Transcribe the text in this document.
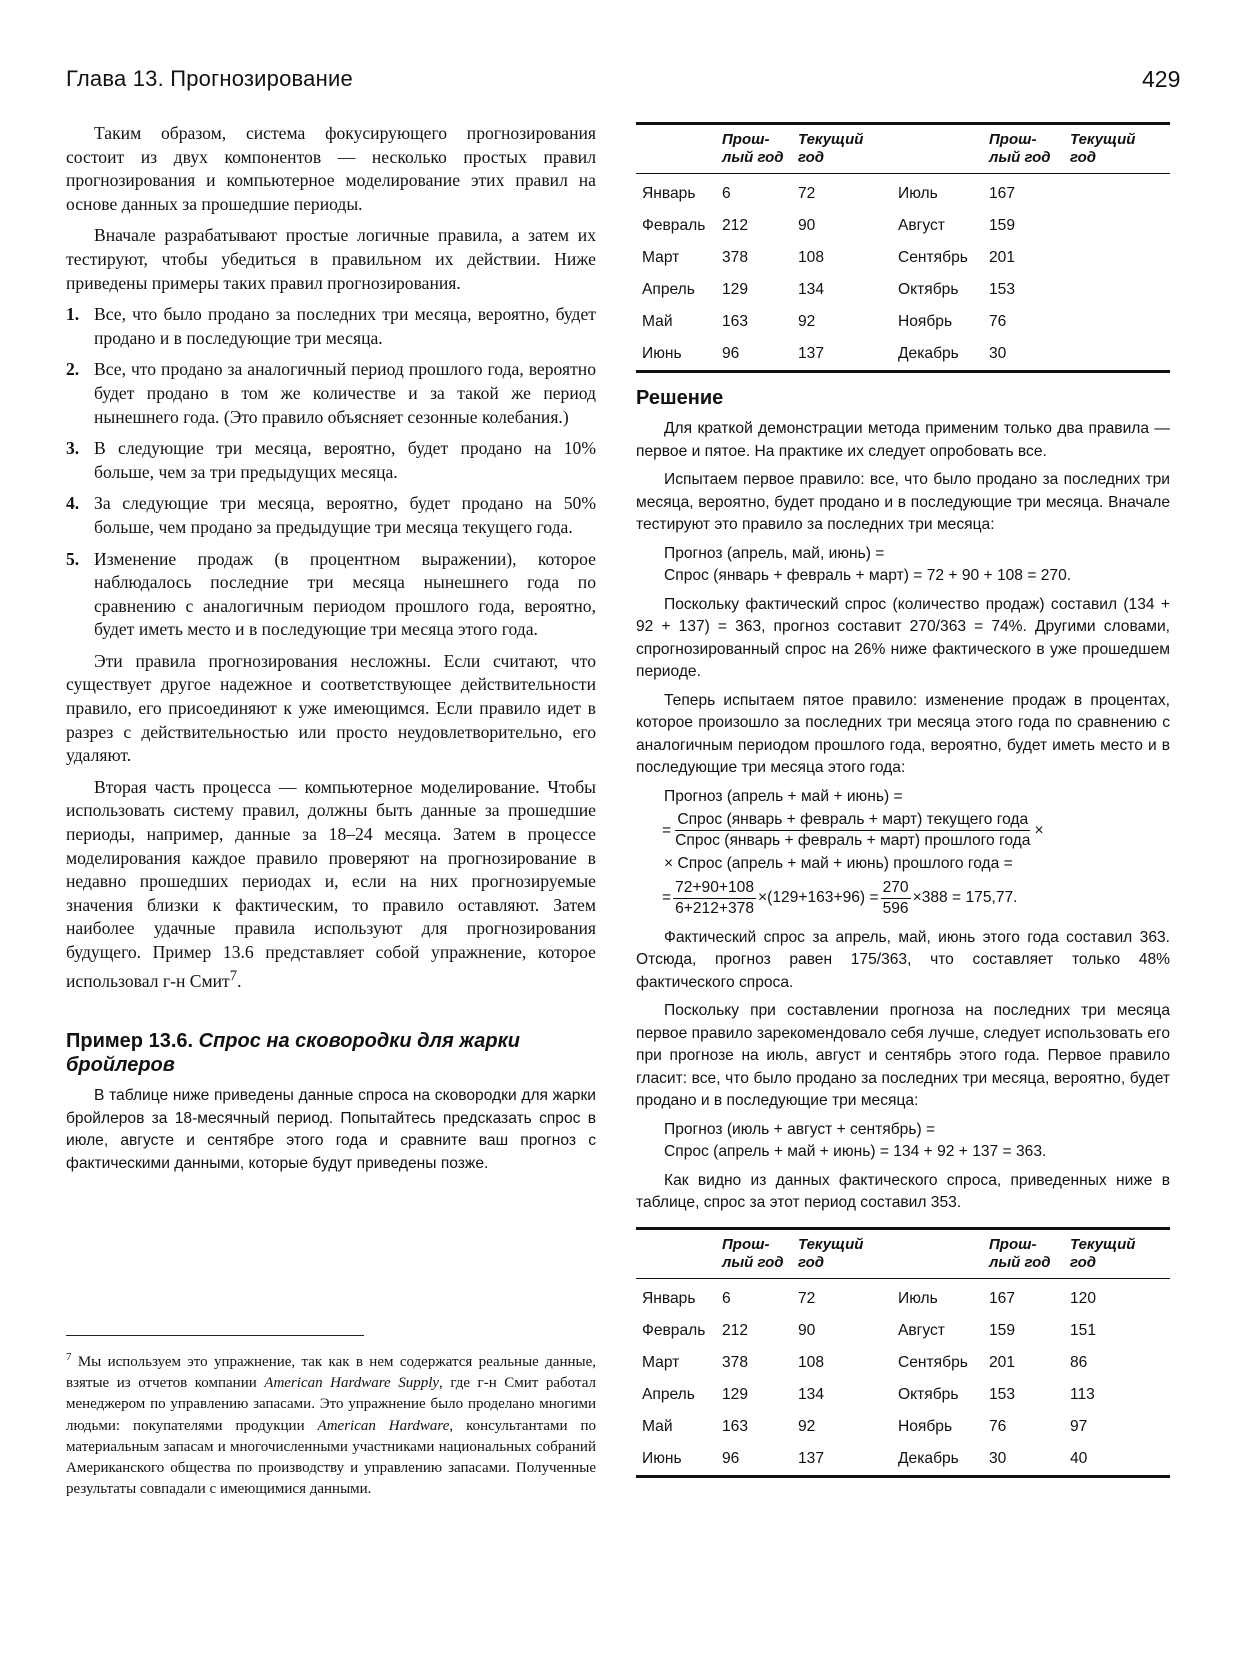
Глава 13. Прогнозирование	429

Таким образом, система фокусирующего прогнозирования состоит из двух компонентов — несколько простых правил прогнозирования и компьютерное моделирование этих правил на основе данных за прошедшие периоды.

Вначале разрабатывают простые логичные правила, а затем их тестируют, чтобы убедиться в правильном их действии. Ниже приведены примеры таких правил прогнозирования.

1. Все, что было продано за последних три месяца, вероятно, будет продано и в последующие три месяца.
2. Все, что продано за аналогичный период прошлого года, вероятно будет продано в том же количестве и за такой же период нынешнего года. (Это правило объясняет сезонные колебания.)
3. В следующие три месяца, вероятно, будет продано на 10% больше, чем за три предыдущих месяца.
4. За следующие три месяца, вероятно, будет продано на 50% больше, чем продано за предыдущие три месяца текущего года.
5. Изменение продаж (в процентном выражении), которое наблюдалось последние три месяца нынешнего года по сравнению с аналогичным периодом прошлого года, вероятно, будет иметь место и в последующие три месяца этого года.

Эти правила прогнозирования несложны. Если считают, что существует другое надежное и соответствующее действительности правило, его присоединяют к уже имеющимся. Если правило идет в разрез с действительностью или просто неудовлетворительно, его удаляют.

Вторая часть процесса — компьютерное моделирование. Чтобы использовать систему правил, должны быть данные за прошедшие периоды, например, данные за 18–24 месяца. Затем в процессе моделирования каждое правило проверяют на прогнозирование в недавно прошедших периодах и, если на них прогнозируемые значения близки к фактическим, то правило оставляют. Затем наиболее удачные правила используют для прогнозирования будущего. Пример 13.6 представляет собой упражнение, которое использовал г-н Смит$^7$.

Пример 13.6. Спрос на сковородки для жарки бройлеров

В таблице ниже приведены данные спроса на сковородки для жарки бройлеров за 18-месячный период. Попытайтесь предсказать спрос в июле, августе и сентябре этого года и сравните ваш прогноз с фактическими данными, которые будут приведены позже.

$^7$ Мы используем это упражнение, так как в нем содержатся реальные данные, взятые из отчетов компании American Hardware Supply, где г-н Смит работал менеджером по управлению запасами. Это упражнение было проделано многими людьми: покупателями продукции American Hardware, консультантами по материальным запасам и многочисленными участниками национальных собраний Американского общества по производству и управлению запасами. Полученные результаты совпадали с имеющимися данными.
	Прош-
лый год	Текущий
год		Прош-
лый год	Текущий
год
Январь	6	72	Июль	167	
Февраль	212	90	Август	159	
Март	378	108	Сентябрь	201	
Апрель	129	134	Октябрь	153	
Май	163	92	Ноябрь	76	
Июнь	96	137	Декабрь	30	
Решение

Для краткой демонстрации метода применим только два правила — первое и пятое. На практике их следует опробовать все.

Испытаем первое правило: все, что было продано за последних три месяца, вероятно, будет продано и в последующие три месяца. Вначале тестируют это правило за последних три месяца:

Прогноз (апрель, май, июнь) =
Спрос (январь + февраль + март) = 72 + 90 + 108 = 270.

Поскольку фактический спрос (количество продаж) составил (134 + 92 + 137) = 363, прогноз составит 270/363 = 74%. Другими словами, спрогнозированный спрос на 26% ниже фактического в уже прошедшем периоде.

Теперь испытаем пятое правило: изменение продаж в процентах, которое произошло за последних три месяца этого года по сравнению с аналогичным периодом прошлого года, вероятно, будет иметь место и в последующие три месяца этого года:

Прогноз (апрель + май + июнь) =
= $\frac{\text{Спрос (январь + февраль + март) текущего года}}{\text{Спрос (январь + февраль + март) прошлого года}}$ ×
× Спрос (апрель + май + июнь) прошлого года =
= $\frac{72+90+108}{6+212+378} \times(129+163+96) = \frac{270}{596} \times 388 = 175,77$.

Фактический спрос за апрель, май, июнь этого года составил 363. Отсюда, прогноз равен 175/363, что составляет только 48% фактического спроса.

Поскольку при составлении прогноза на последних три месяца первое правило зарекомендовало себя лучше, следует использовать его при прогнозе на июль, август и сентябрь этого года. Первое правило гласит: все, что было продано за последних три месяца, вероятно, будет продано и в последующие три месяца:

Прогноз (июль + август + сентябрь) =
Спрос (апрель + май + июнь) = 134 + 92 + 137 = 363.

Как видно из данных фактического спроса, приведенных ниже в таблице, спрос за этот период составил 353.

	Прош-
лый год	Текущий
год		Прош-
лый год	Текущий
год
Январь	6	72	Июль	167	120
Февраль	212	90	Август	159	151
Март	378	108	Сентябрь	201	86
Апрель	129	134	Октябрь	153	113
Май	163	92	Ноябрь	76	97
Июнь	96	137	Декабрь	30	40
